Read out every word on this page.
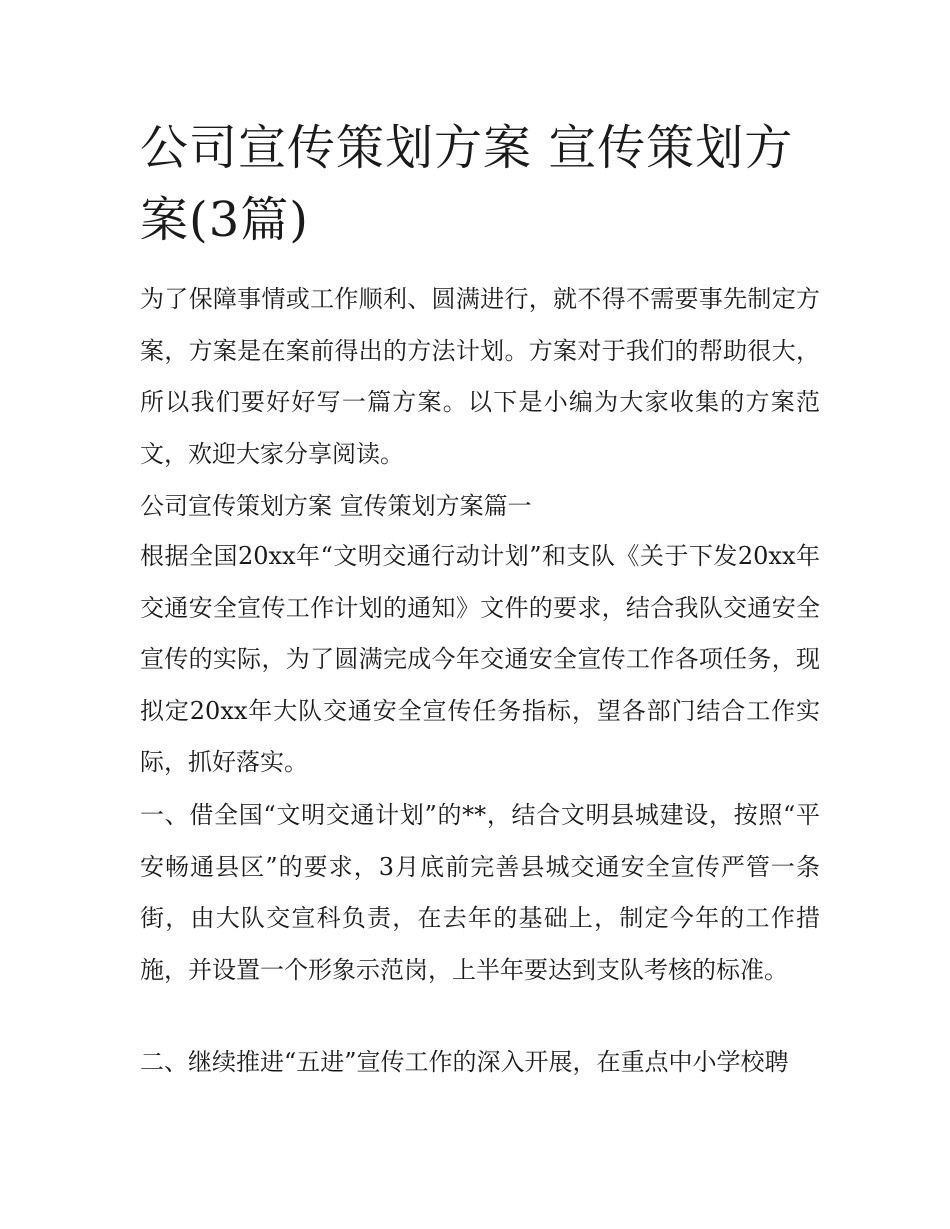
公司宣传策划方案 宣传策划方案(3篇)

为了保障事情或工作顺利、圆满进行，就不得不需要事先制定方案，方案是在案前得出的方法计划。方案对于我们的帮助很大，所以我们要好好写一篇方案。以下是小编为大家收集的方案范文，欢迎大家分享阅读。

公司宣传策划方案 宣传策划方案篇一

根据全国20xx年“文明交通行动计划”和支队《关于下发20xx年交通安全宣传工作计划的通知》文件的要求，结合我队交通安全宣传的实际，为了圆满完成今年交通安全宣传工作各项任务，现拟定20xx年大队交通安全宣传任务指标，望各部门结合工作实际，抓好落实。

一、借全国“文明交通计划”的**，结合文明县城建设，按照“平安畅通县区”的要求，3月底前完善县城交通安全宣传严管一条街，由大队交宣科负责，在去年的基础上，制定今年的工作措施，并设置一个形象示范岗，上半年要达到支队考核的标准。

二、继续推进“五进”宣传工作的深入开展，在重点中小学校聘
